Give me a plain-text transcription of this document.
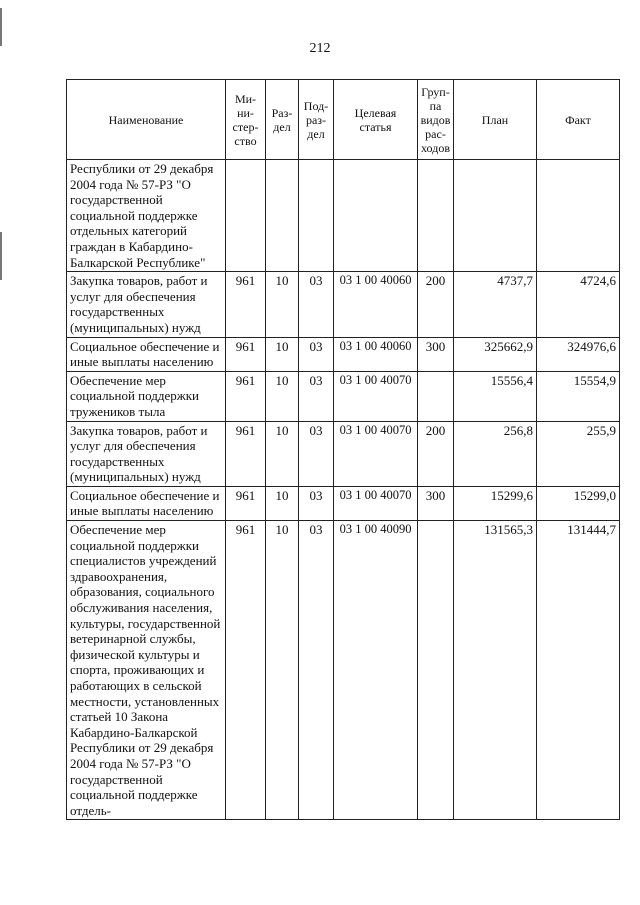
212
Наименование	Ми-
ни-
стер-
ство	Раз-
дел	Под-
раз-
дел	Целевая
статья	Груп-
па
видов
рас-
ходов	План	Факт
Республики от 29 декабря 2004 года № 57-РЗ "О государственной социальной поддержке отдельных категорий граждан в Кабардино-Балкарской Республике"							
Закупка товаров, работ и услуг для обеспечения государственных (муниципальных) нужд	961	10	03	03 1 00 40060	200	4737,7	4724,6
Социальное обеспечение и иные выплаты населению	961	10	03	03 1 00 40060	300	325662,9	324976,6
Обеспечение мер социальной поддержки тружеников тыла	961	10	03	03 1 00 40070		15556,4	15554,9
Закупка товаров, работ и услуг для обеспечения государственных (муниципальных) нужд	961	10	03	03 1 00 40070	200	256,8	255,9
Социальное обеспечение и иные выплаты населению	961	10	03	03 1 00 40070	300	15299,6	15299,0
Обеспечение мер социальной поддержки специалистов учреждений здравоохранения, образования, социального обслуживания населения, культуры, государственной ветеринарной службы, физической культуры и спорта, проживающих и работающих в сельской местности, установленных статьей 10 Закона Кабардино-Балкарской Республики от 29 декабря 2004 года № 57-РЗ "О государственной социальной поддержке отдель-	961	10	03	03 1 00 40090		131565,3	131444,7
